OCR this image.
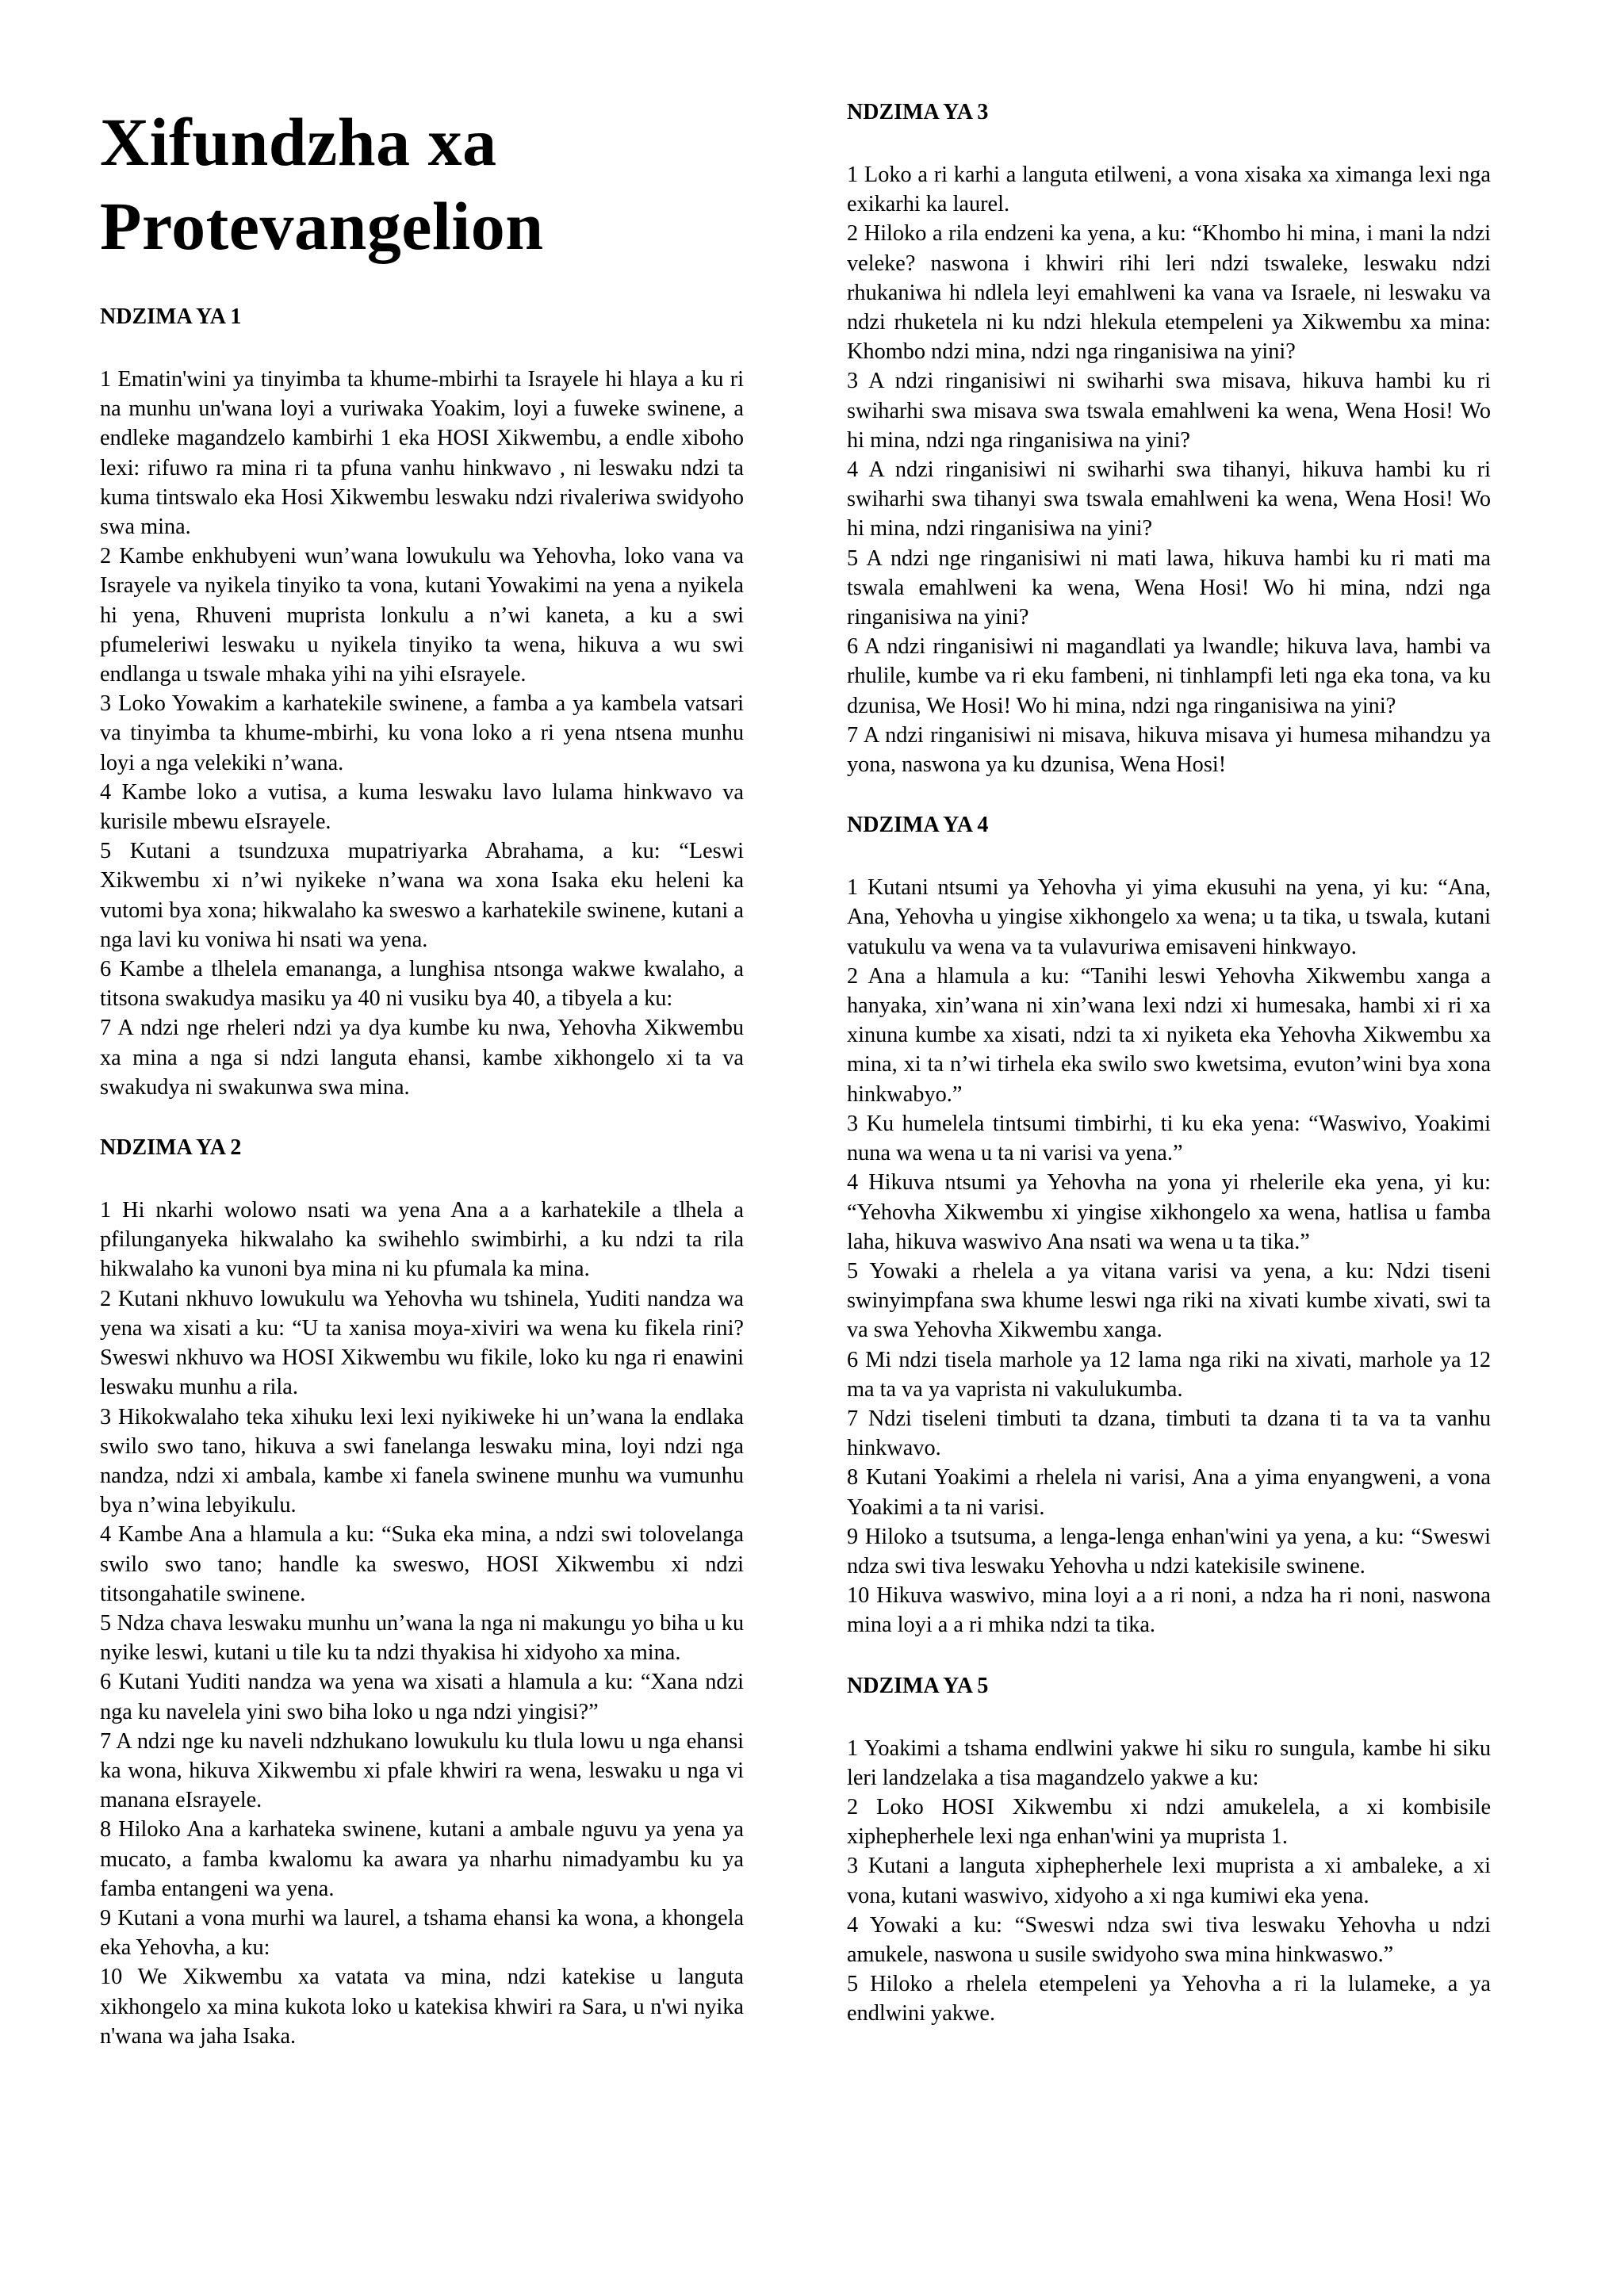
Xifundzha xa Protevangelion
NDZIMA YA 1

1 Ematin'wini ya tinyimba ta khume-mbirhi ta Israyele hi hlaya a ku ri na munhu un'wana loyi a vuriwaka Yoakim, loyi a fuweke swinene, a endleke magandzelo kambirhi 1 eka HOSI Xikwembu, a endle xiboho lexi: rifuwo ra mina ri ta pfuna vanhu hinkwavo , ni leswaku ndzi ta kuma tintswalo eka Hosi Xikwembu leswaku ndzi rivaleriwa swidyoho swa mina.

2 Kambe enkhubyeni wun’wana lowukulu wa Yehovha, loko vana va Israyele va nyikela tinyiko ta vona, kutani Yowakimi na yena a nyikela hi yena, Rhuveni muprista lonkulu a n’wi kaneta, a ku a swi pfumeleriwi leswaku u nyikela tinyiko ta wena, hikuva a wu swi endlanga u tswale mhaka yihi na yihi eIsrayele.

3 Loko Yowakim a karhatekile swinene, a famba a ya kambela vatsari va tinyimba ta khume-mbirhi, ku vona loko a ri yena ntsena munhu loyi a nga velekiki n’wana.

4 Kambe loko a vutisa, a kuma leswaku lavo lulama hinkwavo va kurisile mbewu eIsrayele.

5 Kutani a tsundzuxa mupatriyarka Abrahama, a ku: “Leswi Xikwembu xi n’wi nyikeke n’wana wa xona Isaka eku heleni ka vutomi bya xona; hikwalaho ka sweswo a karhatekile swinene, kutani a nga lavi ku voniwa hi nsati wa yena.

6 Kambe a tlhelela emananga, a lunghisa ntsonga wakwe kwalaho, a titsona swakudya masiku ya 40 ni vusiku bya 40, a tibyela a ku:

7 A ndzi nge rheleri ndzi ya dya kumbe ku nwa, Yehovha Xikwembu xa mina a nga si ndzi languta ehansi, kambe xikhongelo xi ta va swakudya ni swakunwa swa mina.

NDZIMA YA 2

1 Hi nkarhi wolowo nsati wa yena Ana a a karhatekile a tlhela a pfilunganyeka hikwalaho ka swihehlo swimbirhi, a ku ndzi ta rila hikwalaho ka vunoni bya mina ni ku pfumala ka mina.

2 Kutani nkhuvo lowukulu wa Yehovha wu tshinela, Yuditi nandza wa yena wa xisati a ku: “U ta xanisa moya-xiviri wa wena ku fikela rini? Sweswi nkhuvo wa HOSI Xikwembu wu fikile, loko ku nga ri enawini leswaku munhu a rila.

3 Hikokwalaho teka xihuku lexi lexi nyikiweke hi un’wana la endlaka swilo swo tano, hikuva a swi fanelanga leswaku mina, loyi ndzi nga nandza, ndzi xi ambala, kambe xi fanela swinene munhu wa vumunhu bya n’wina lebyikulu.

4 Kambe Ana a hlamula a ku: “Suka eka mina, a ndzi swi tolovelanga swilo swo tano; handle ka sweswo, HOSI Xikwembu xi ndzi titsongahatile swinene.

5 Ndza chava leswaku munhu un’wana la nga ni makungu yo biha u ku nyike leswi, kutani u tile ku ta ndzi thyakisa hi xidyoho xa mina.

6 Kutani Yuditi nandza wa yena wa xisati a hlamula a ku: “Xana ndzi nga ku navelela yini swo biha loko u nga ndzi yingisi?”

7 A ndzi nge ku naveli ndzhukano lowukulu ku tlula lowu u nga ehansi ka wona, hikuva Xikwembu xi pfale khwiri ra wena, leswaku u nga vi manana eIsrayele.

8 Hiloko Ana a karhateka swinene, kutani a ambale nguvu ya yena ya mucato, a famba kwalomu ka awara ya nharhu nimadyambu ku ya famba entangeni wa yena.

9 Kutani a vona murhi wa laurel, a tshama ehansi ka wona, a khongela eka Yehovha, a ku:

10 We Xikwembu xa vatata va mina, ndzi katekise u languta xikhongelo xa mina kukota loko u katekisa khwiri ra Sara, u n'wi nyika n'wana wa jaha Isaka.

NDZIMA YA 3

1 Loko a ri karhi a languta etilweni, a vona xisaka xa ximanga lexi nga exikarhi ka laurel.

2 Hiloko a rila endzeni ka yena, a ku: “Khombo hi mina, i mani la ndzi veleke? naswona i khwiri rihi leri ndzi tswaleke, leswaku ndzi rhukaniwa hi ndlela leyi emahlweni ka vana va Israele, ni leswaku va ndzi rhuketela ni ku ndzi hlekula etempeleni ya Xikwembu xa mina: Khombo ndzi mina, ndzi nga ringanisiwa na yini?

3 A ndzi ringanisiwi ni swiharhi swa misava, hikuva hambi ku ri swiharhi swa misava swa tswala emahlweni ka wena, Wena Hosi! Wo hi mina, ndzi nga ringanisiwa na yini?

4 A ndzi ringanisiwi ni swiharhi swa tihanyi, hikuva hambi ku ri swiharhi swa tihanyi swa tswala emahlweni ka wena, Wena Hosi! Wo hi mina, ndzi ringanisiwa na yini?

5 A ndzi nge ringanisiwi ni mati lawa, hikuva hambi ku ri mati ma tswala emahlweni ka wena, Wena Hosi! Wo hi mina, ndzi nga ringanisiwa na yini?

6 A ndzi ringanisiwi ni magandlati ya lwandle; hikuva lava, hambi va rhulile, kumbe va ri eku fambeni, ni tinhlampfi leti nga eka tona, va ku dzunisa, We Hosi! Wo hi mina, ndzi nga ringanisiwa na yini?

7 A ndzi ringanisiwi ni misava, hikuva misava yi humesa mihandzu ya yona, naswona ya ku dzunisa, Wena Hosi!

NDZIMA YA 4

1 Kutani ntsumi ya Yehovha yi yima ekusuhi na yena, yi ku: “Ana, Ana, Yehovha u yingise xikhongelo xa wena; u ta tika, u tswala, kutani vatukulu va wena va ta vulavuriwa emisaveni hinkwayo.

2 Ana a hlamula a ku: “Tanihi leswi Yehovha Xikwembu xanga a hanyaka, xin’wana ni xin’wana lexi ndzi xi humesaka, hambi xi ri xa xinuna kumbe xa xisati, ndzi ta xi nyiketa eka Yehovha Xikwembu xa mina, xi ta n’wi tirhela eka swilo swo kwetsima, evuton’wini bya xona hinkwabyo.”

3 Ku humelela tintsumi timbirhi, ti ku eka yena: “Waswivo, Yoakimi nuna wa wena u ta ni varisi va yena.”

4 Hikuva ntsumi ya Yehovha na yona yi rhelerile eka yena, yi ku: “Yehovha Xikwembu xi yingise xikhongelo xa wena, hatlisa u famba laha, hikuva waswivo Ana nsati wa wena u ta tika.”

5 Yowaki a rhelela a ya vitana varisi va yena, a ku: Ndzi tiseni swinyimpfana swa khume leswi nga riki na xivati kumbe xivati, swi ta va swa Yehovha Xikwembu xanga.

6 Mi ndzi tisela marhole ya 12 lama nga riki na xivati, marhole ya 12 ma ta va ya vaprista ni vakulukumba.

7 Ndzi tiseleni timbuti ta dzana, timbuti ta dzana ti ta va ta vanhu hinkwavo.

8 Kutani Yoakimi a rhelela ni varisi, Ana a yima enyangweni, a vona Yoakimi a ta ni varisi.

9 Hiloko a tsutsuma, a lenga-lenga enhan'wini ya yena, a ku: “Sweswi ndza swi tiva leswaku Yehovha u ndzi katekisile swinene.

10 Hikuva waswivo, mina loyi a a ri noni, a ndza ha ri noni, naswona mina loyi a a ri mhika ndzi ta tika.

NDZIMA YA 5

1 Yoakimi a tshama endlwini yakwe hi siku ro sungula, kambe hi siku leri landzelaka a tisa magandzelo yakwe a ku:

2 Loko HOSI Xikwembu xi ndzi amukelela, a xi kombisile xiphepherhele lexi nga enhan'wini ya muprista 1.

3 Kutani a languta xiphepherhele lexi muprista a xi ambaleke, a xi vona, kutani waswivo, xidyoho a xi nga kumiwi eka yena.

4 Yowaki a ku: “Sweswi ndza swi tiva leswaku Yehovha u ndzi amukele, naswona u susile swidyoho swa mina hinkwaswo.”

5 Hiloko a rhelela etempeleni ya Yehovha a ri la lulameke, a ya endlwini yakwe.
